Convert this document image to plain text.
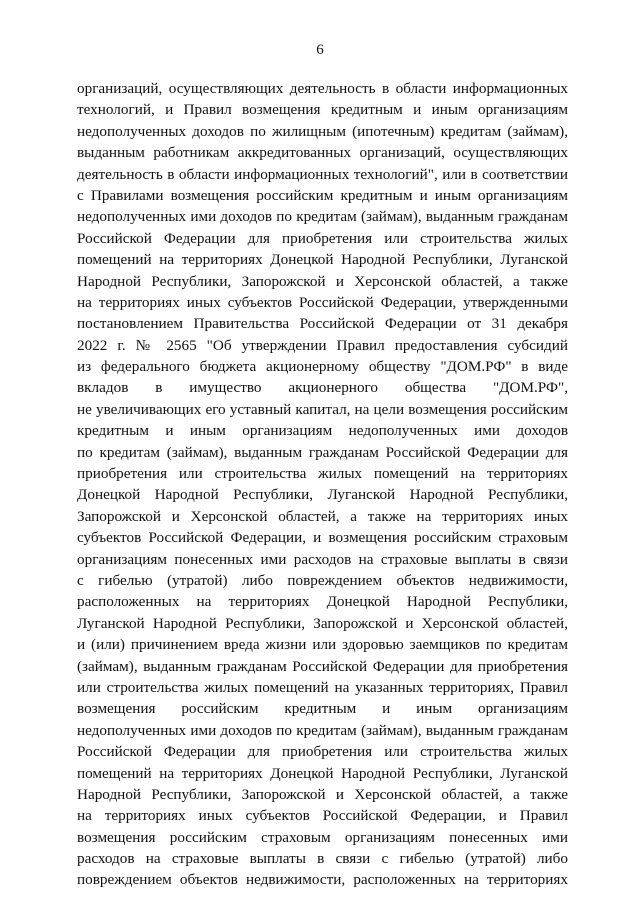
6
организаций, осуществляющих деятельность в области информационных
технологий, и Правил возмещения кредитным и иным организациям
недополученных доходов по жилищным (ипотечным) кредитам (займам),
выданным работникам аккредитованных организаций, осуществляющих
деятельность в области информационных технологий", или в соответствии
с Правилами возмещения российским кредитным и иным организациям
недополученных ими доходов по кредитам (займам), выданным гражданам
Российской Федерации для приобретения или строительства жилых
помещений на территориях Донецкой Народной Республики, Луганской
Народной Республики, Запорожской и Херсонской областей, а также
на территориях иных субъектов Российской Федерации, утвержденными
постановлением Правительства Российской Федерации от 31 декабря
2022 г. № 2565 "Об утверждении Правил предоставления субсидий
из федерального бюджета акционерному обществу "ДОМ.РФ" в виде
вкладов в имущество акционерного общества "ДОМ.РФ",
не увеличивающих его уставный капитал, на цели возмещения российским
кредитным и иным организациям недополученных ими доходов
по кредитам (займам), выданным гражданам Российской Федерации для
приобретения или строительства жилых помещений на территориях
Донецкой Народной Республики, Луганской Народной Республики,
Запорожской и Херсонской областей, а также на территориях иных
субъектов Российской Федерации, и возмещения российским страховым
организациям понесенных ими расходов на страховые выплаты в связи
с гибелью (утратой) либо повреждением объектов недвижимости,
расположенных на территориях Донецкой Народной Республики,
Луганской Народной Республики, Запорожской и Херсонской областей,
и (или) причинением вреда жизни или здоровью заемщиков по кредитам
(займам), выданным гражданам Российской Федерации для приобретения
или строительства жилых помещений на указанных территориях, Правил
возмещения российским кредитным и иным организациям
недополученных ими доходов по кредитам (займам), выданным гражданам
Российской Федерации для приобретения или строительства жилых
помещений на территориях Донецкой Народной Республики, Луганской
Народной Республики, Запорожской и Херсонской областей, а также
на территориях иных субъектов Российской Федерации, и Правил
возмещения российским страховым организациям понесенных ими
расходов на страховые выплаты в связи с гибелью (утратой) либо
повреждением объектов недвижимости, расположенных на территориях
